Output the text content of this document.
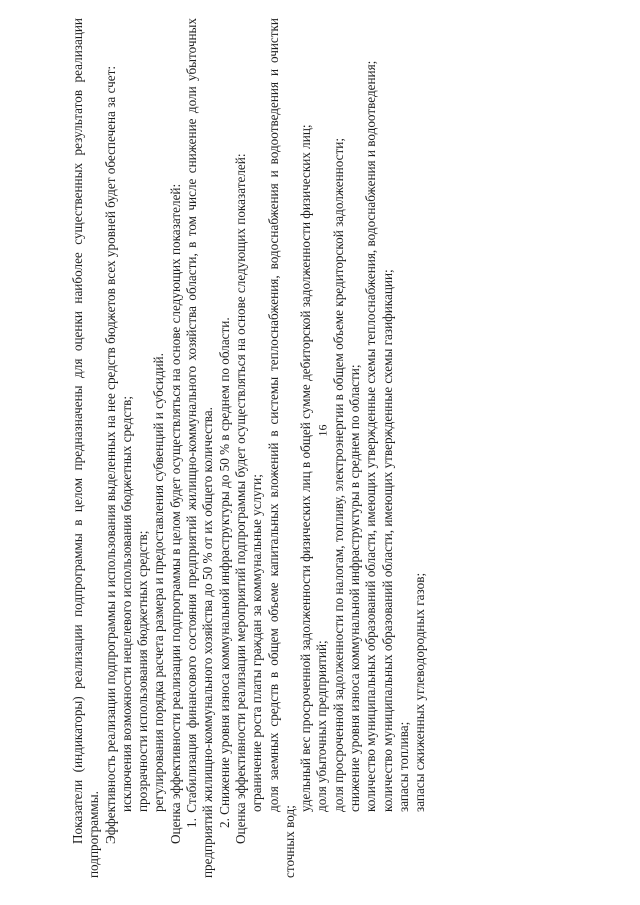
16

Показатели (индикаторы) реализации подпрограммы в целом предназначены для оценки наиболее существенных результатов реализации подпрограммы. Эффективность реализации подпрограммы и использования выделенных на нее средств бюджетов всех уровней будет обеспечена за счет: исключения возможности нецелевого использования бюджетных средств; прозрачности использования бюджетных средств; регулирования порядка расчета размера и предоставления субвенций и субсидий. Оценка эффективности реализации подпрограммы в целом будет осуществляться на основе следующих показателей: 1. Стабилизация финансового состояния предприятий жилищно-коммунального хозяйства области, в том числе снижение доли убыточных предприятий жилищно-коммунального хозяйства до 50 % от их общего количества. 2. Снижение уровня износа коммунальной инфраструктуры до 50 % в среднем по области. Оценка эффективности реализации мероприятий подпрограммы будет осуществляться на основе следующих показателей: ограничение роста платы граждан за коммунальные услуги; доля заемных средств в общем объеме капитальных вложений в системы теплоснабжения, водоснабжения и водоотведения и очистки сточных вод;

удельный вес просроченной задолженности физических лиц в общей сумме дебиторской задолженности физических лиц; доля убыточных предприятий; доля просроченной задолженности по налогам, топливу, электроэнергии в общем объеме кредиторской задолженности; снижение уровня износа коммунальной инфраструктуры в среднем по области; количество муниципальных образований области, имеющих утвержденные схемы теплоснабжения, водоснабжения и водоотведения; количество муниципальных образований области, имеющих утвержденные схемы газификации; запасы топлива; запасы сжиженных углеводородных газов;
